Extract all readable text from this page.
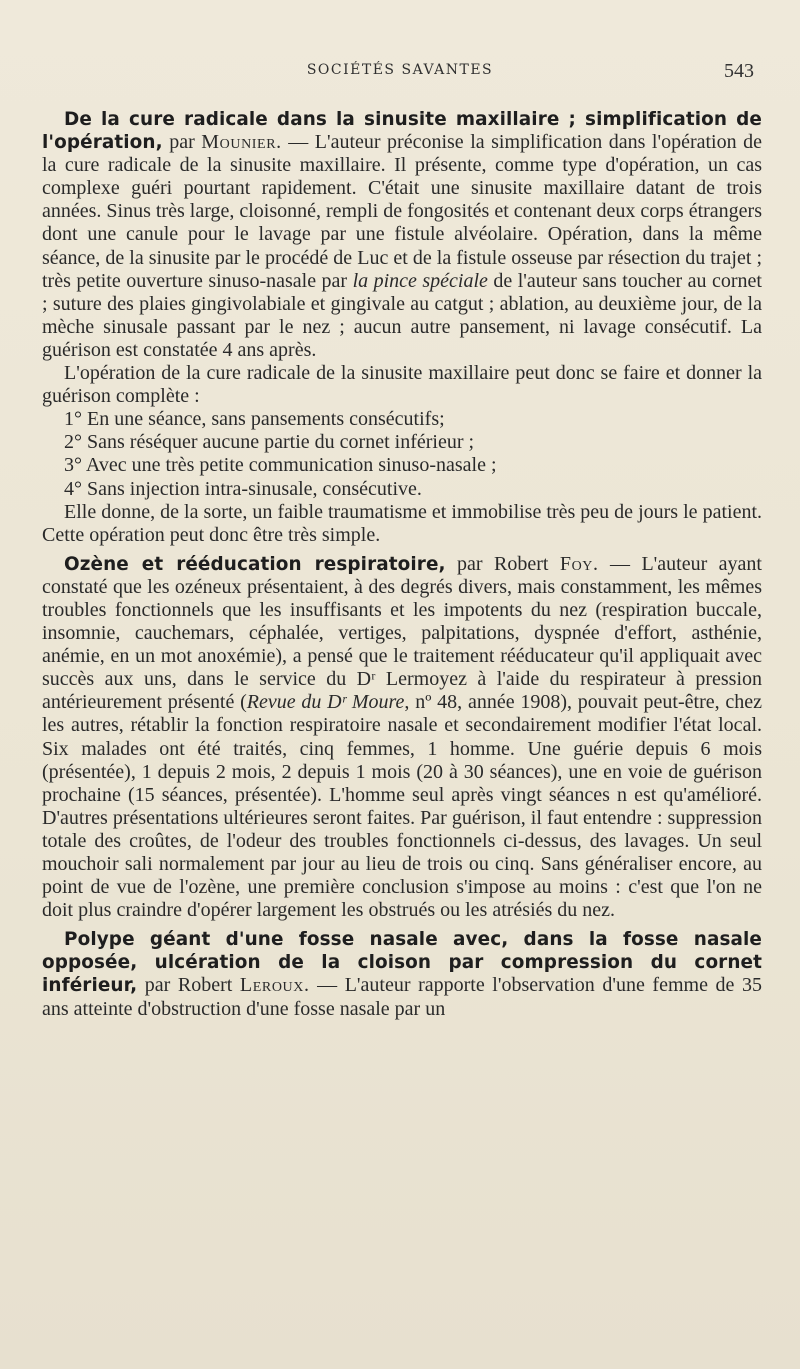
SOCIÉTÉS SAVANTES	543

De la cure radicale dans la sinusite maxillaire ; simplification de l'opération, par Mounier. — L'auteur préconise la simplification dans l'opération de la cure radicale de la sinusite maxillaire. Il présente, comme type d'opération, un cas complexe guéri pourtant rapidement. C'était une sinusite maxillaire datant de trois années. Sinus très large, cloisonné, rempli de fongosités et contenant deux corps étrangers dont une canule pour le lavage par une fistule alvéolaire. Opération, dans la même séance, de la sinusite par le procédé de Luc et de la fistule osseuse par résection du trajet ; très petite ouverture sinuso-nasale par la pince spéciale de l'auteur sans toucher au cornet ; suture des plaies gingivolabiale et gingivale au catgut ; ablation, au deuxième jour, de la mèche sinusale passant par le nez ; aucun autre pansement, ni lavage consécutif. La guérison est constatée 4 ans après.

L'opération de la cure radicale de la sinusite maxillaire peut donc se faire et donner la guérison complète :

1° En une séance, sans pansements consécutifs;

2° Sans réséquer aucune partie du cornet inférieur ;

3° Avec une très petite communication sinuso-nasale ;

4° Sans injection intra-sinusale, consécutive.

Elle donne, de la sorte, un faible traumatisme et immobilise très peu de jours le patient. Cette opération peut donc être très simple.

Ozène et rééducation respiratoire, par Robert Foy. — L'auteur ayant constaté que les ozéneux présentaient, à des degrés divers, mais constamment, les mêmes troubles fonctionnels que les insuffisants et les impotents du nez (respiration buccale, insomnie, cauchemars, céphalée, vertiges, palpitations, dyspnée d'effort, asthénie, anémie, en un mot anoxémie), a pensé que le traitement rééducateur qu'il appliquait avec succès aux uns, dans le service du Dʳ Lermoyez à l'aide du respirateur à pression antérieurement présenté (Revue du Dʳ Moure, nº 48, année 1908), pouvait peut-être, chez les autres, rétablir la fonction respiratoire nasale et secondairement modifier l'état local. Six malades ont été traités, cinq femmes, 1 homme. Une guérie depuis 6 mois (présentée), 1 depuis 2 mois, 2 depuis 1 mois (20 à 30 séances), une en voie de guérison prochaine (15 séances, présentée). L'homme seul après vingt séances n est qu'amélioré. D'autres présentations ultérieures seront faites. Par guérison, il faut entendre : suppression totale des croûtes, de l'odeur des troubles fonctionnels ci-dessus, des lavages. Un seul mouchoir sali normalement par jour au lieu de trois ou cinq. Sans généraliser encore, au point de vue de l'ozène, une première conclusion s'impose au moins : c'est que l'on ne doit plus craindre d'opérer largement les obstrués ou les atrésiés du nez.

Polype géant d'une fosse nasale avec, dans la fosse nasale opposée, ulcération de la cloison par compression du cornet inférieur, par Robert Leroux. — L'auteur rapporte l'observation d'une femme de 35 ans atteinte d'obstruction d'une fosse nasale par un
